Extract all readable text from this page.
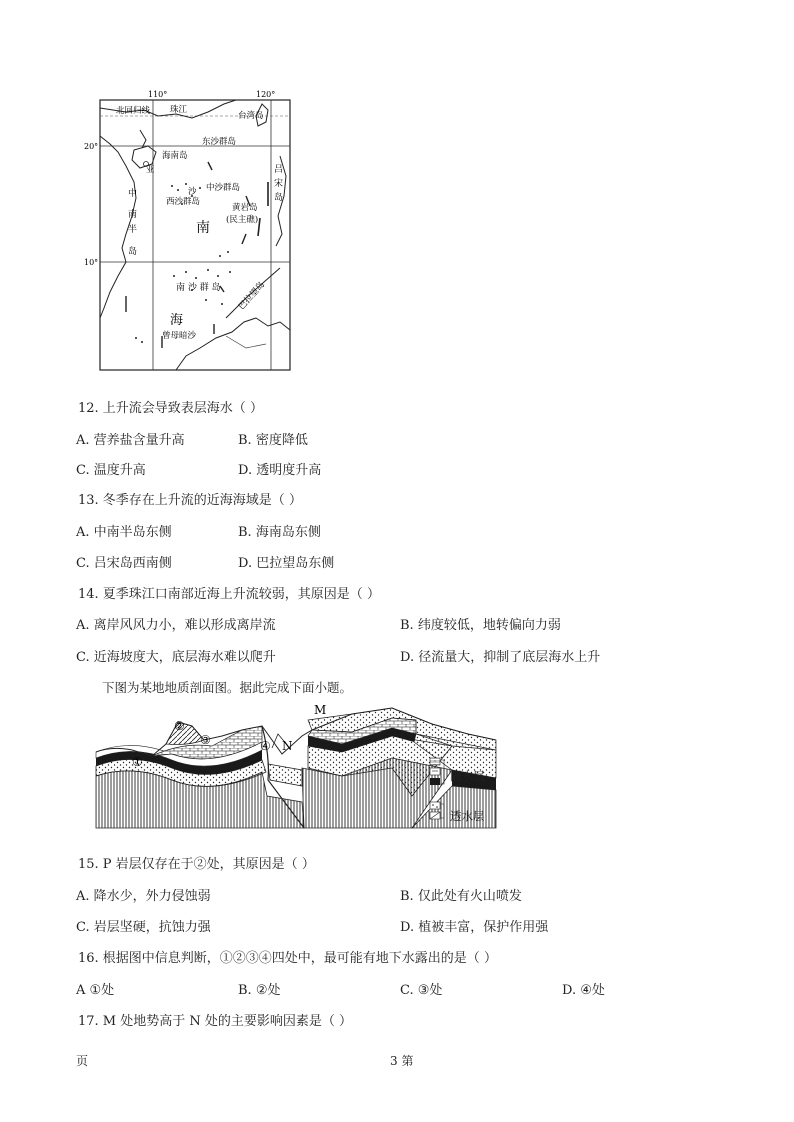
110°	120°
20°
10°
北回归线 珠江
台湾岛
东沙群岛
海南岛
亚
中沙群岛
沙
西沙群岛
黄岩岛
(民主礁)
南
中
南
半
岛
吕
宋
岛
巴拉望岛
南 沙 群 岛
海
曾母暗沙
12. 上升流会导致表层海水（ ）
A. 营养盐含量升高	B. 密度降低
C. 温度升高	D. 透明度升高
13. 冬季存在上升流的近海海域是（ ）
A. 中南半岛东侧	B. 海南岛东侧
C. 吕宋岛西南侧	D. 巴拉望岛东侧
14. 夏季珠江口南部近海上升流较弱，其原因是（ ）
A. 离岸风风力小，难以形成离岸流	B. 纬度较低，地转偏向力弱
C. 近海坡度大，底层海水难以爬升	D. 径流量大，抑制了底层海水上升
下图为某地地质剖面图。据此完成下面小题。
①
②
③	④ N
M
隔水层
透水层
15. P 岩层仅存在于②处，其原因是（ ）
A. 降水少，外力侵蚀弱	B. 仅此处有火山喷发
C. 岩层坚硬，抗蚀力强	D. 植被丰富，保护作用强
16. 根据图中信息判断，①②③④四处中，最可能有地下水露出的是（ ）
A ①处	B. ②处	C. ③处	D. ④处
17. M 处地势高于 N 处的主要影响因素是（ ）
页	3 第
